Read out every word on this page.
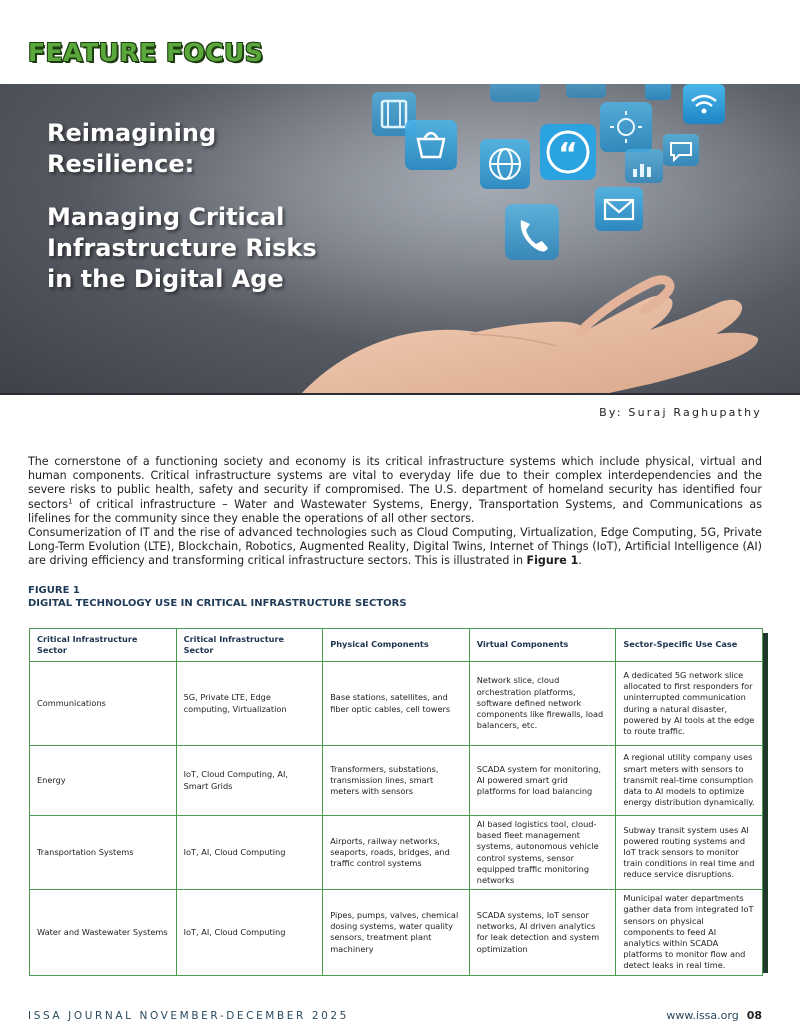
FEATURE FOCUS
“
Reimagining
Resilience:
Managing Critical
Infrastructure Risks
in the Digital Age
By: Suraj Raghupathy

The cornerstone of a functioning society and economy is its critical infrastructure systems which include physical, virtual and human components. Critical infrastructure systems are vital to everyday life due to their complex interdependencies and the severe risks to public health, safety and security if compromised. The U.S. department of homeland security has identified four sectors$^1$ of critical infrastructure – Water and Wastewater Systems, Energy, Transportation Systems, and Communications as lifelines for the community since they enable the operations of all other sectors.

Consumerization of IT and the rise of advanced technologies such as Cloud Computing, Virtualization, Edge Computing, 5G, Private Long-Term Evolution (LTE), Blockchain, Robotics, Augmented Reality, Digital Twins, Internet of Things (IoT), Artificial Intelligence (AI) are driving efficiency and transforming critical infrastructure sectors. This is illustrated in Figure 1.

FIGURE 1
DIGITAL TECHNOLOGY USE IN CRITICAL INFRASTRUCTURE SECTORS
Critical Infrastructure Sector	Critical Infrastructure Sector	Physical Components	Virtual Components	Sector-Specific Use Case
Communications	5G, Private LTE, Edge computing, Virtualization	Base stations, satellites, and fiber optic cables, cell towers	Network slice, cloud orchestration platforms, software defined network components like firewalls, load balancers, etc.	A dedicated 5G network slice allocated to first responders for uninterrupted communication during a natural disaster, powered by AI tools at the edge to route traffic.
Energy	IoT, Cloud Computing, AI, Smart Grids	Transformers, substations, transmission lines, smart meters with sensors	SCADA system for monitoring, AI powered smart grid platforms for load balancing	A regional utility company uses smart meters with sensors to transmit real-time consumption data to AI models to optimize energy distribution dynamically.
Transportation Systems	IoT, AI, Cloud Computing	Airports, railway networks, seaports, roads, bridges, and traffic control systems	AI based logistics tool, cloud-based fleet management systems, autonomous vehicle control systems, sensor equipped traffic monitoring networks	Subway transit system uses AI powered routing systems and IoT track sensors to monitor train conditions in real time and reduce service disruptions.
Water and Wastewater Systems	IoT, AI, Cloud Computing	Pipes, pumps, valves, chemical dosing systems, water quality sensors, treatment plant machinery	SCADA systems, IoT sensor networks, AI driven analytics for leak detection and system optimization	Municipal water departments gather data from integrated IoT sensors on physical components to feed AI analytics within SCADA platforms to monitor flow and detect leaks in real time.
ISSA JOURNAL NOVEMBER-DECEMBER 2025	www.issa.org 08
